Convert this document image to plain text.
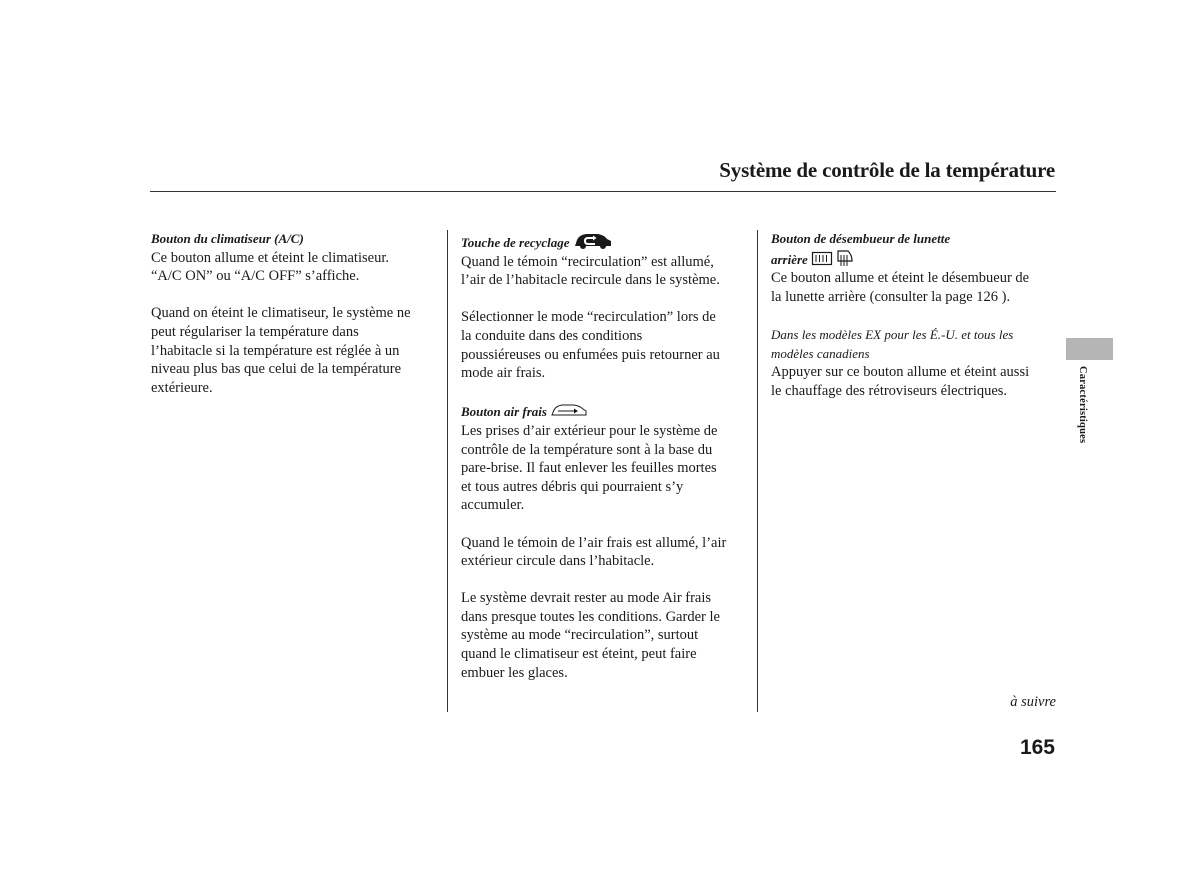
Système de contrôle de la température
Bouton du climatiseur (A/C)

Ce bouton allume et éteint le climatiseur.
“A/C ON” ou “A/C OFF” s’affiche.

Quand on éteint le climatiseur, le système ne
peut régulariser la température dans
l’habitacle si la température est réglée à un
niveau plus bas que celui de la température
extérieure.

Touche de recyclage

Quand le témoin “recirculation” est allumé,
l’air de l’habitacle recircule dans le système.

Sélectionner le mode “recirculation” lors de
la conduite dans des conditions
poussiéreuses ou enfumées puis retourner au
mode air frais.

Bouton air frais

Les prises d’air extérieur pour le système de
contrôle de la température sont à la base du
pare-brise. Il faut enlever les feuilles mortes
et tous autres débris qui pourraient s’y
accumuler.

Quand le témoin de l’air frais est allumé, l’air
extérieur circule dans l’habitacle.

Le système devrait rester au mode Air frais
dans presque toutes les conditions. Garder le
système au mode “recirculation”, surtout
quand le climatiseur est éteint, peut faire
embuer les glaces.

Bouton de désembueur de lunette
arrière

Ce bouton allume et éteint le désembueur de
la lunette arrière (consulter la page 126 ).

Dans les modèles EX pour les É.-U. et tous les
modèles canadiens

Appuyer sur ce bouton allume et éteint aussi
le chauffage des rétroviseurs électriques.	Caractéristiques
à suivre
165
